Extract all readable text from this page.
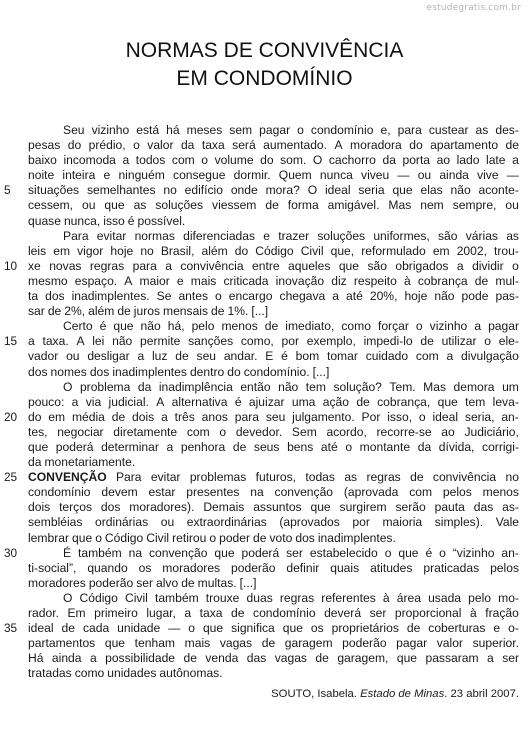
estudegratis.com.br
NORMAS DE CONVIVÊNCIA
EM CONDOMÍNIO
Seu vizinho está há meses sem pagar o condomínio e, para custear as des-
pesas do prédio, o valor da taxa será aumentado. A moradora do apartamento de
baixo incomoda a todos com o volume do som. O cachorro da porta ao lado late a
noite inteira e ninguém consegue dormir. Quem nunca viveu — ou ainda vive —
5	situações semelhantes no edifício onde mora? O ideal seria que elas não aconte-
cessem, ou que as soluções viessem de forma amigável. Mas nem sempre, ou
quase nunca, isso é possível.
Para evitar normas diferenciadas e trazer soluções uniformes, são várias as
leis em vigor hoje no Brasil, além do Código Civil que, reformulado em 2002, trou-
10 xe novas regras para a convivência entre aqueles que são obrigados a dividir o
mesmo espaço. A maior e mais criticada inovação diz respeito à cobrança de mul-
ta dos inadimplentes. Se antes o encargo chegava a até 20%, hoje não pode pas-
sar de 2%, além de juros mensais de 1%. [...]
Certo é que não há, pelo menos de imediato, como forçar o vizinho a pagar
15 a taxa. A lei não permite sanções como, por exemplo, impedi-lo de utilizar o ele-
vador ou desligar a luz de seu andar. E é bom tomar cuidado com a divulgação
dos nomes dos inadimplentes dentro do condomínio. [...]
O problema da inadimplência então não tem solução? Tem. Mas demora um
pouco: a via judicial. A alternativa é ajuizar uma ação de cobrança, que tem leva-
20 do em média de dois a três anos para seu julgamento. Por isso, o ideal seria, an-
tes, negociar diretamente com o devedor. Sem acordo, recorre-se ao Judiciário,
que poderá determinar a penhora de seus bens até o montante da dívida, corrigi-
da monetariamente.
25 CONVENÇÃO Para evitar problemas futuros, todas as regras de convivência no
condomínio devem estar presentes na convenção (aprovada com pelos menos
dois terços dos moradores). Demais assuntos que surgirem serão pauta das as-
sembléias ordinárias ou extraordinárias (aprovados por maioria simples). Vale
lembrar que o Código Civil retirou o poder de voto dos inadimplentes.
30	É também na convenção que poderá ser estabelecido o que é o “vizinho an-
ti-social”, quando os moradores poderão definir quais atitudes praticadas pelos
moradores poderão ser alvo de multas. [...]
O Código Civil também trouxe duas regras referentes à área usada pelo mo-
rador. Em primeiro lugar, a taxa de condomínio deverá ser proporcional à fração
35 ideal de cada unidade — o que significa que os proprietários de coberturas e o-
partamentos que tenham mais vagas de garagem poderão pagar valor superior.
Há ainda a possibilidade de venda das vagas de garagem, que passaram a ser
tratadas como unidades autônomas.
SOUTO, Isabela. Estado de Minas . 23 abril 2007.
